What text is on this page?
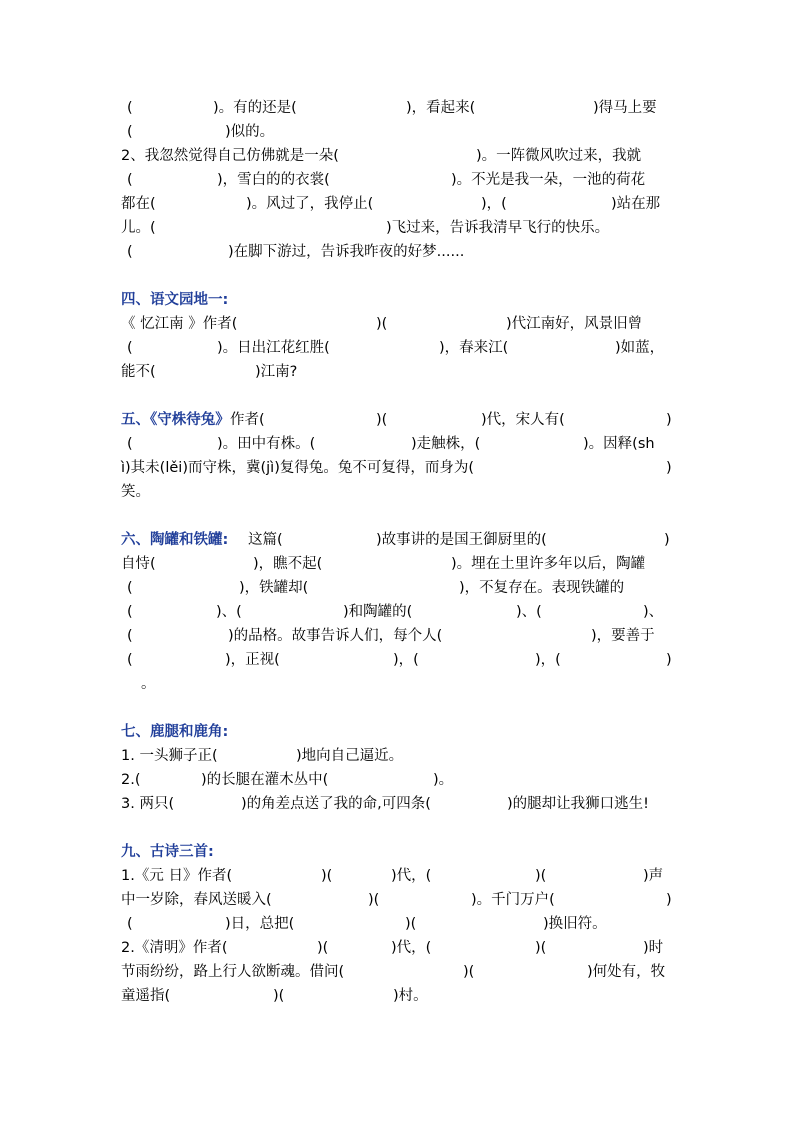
(

	)。有的还是(

	)，看起来(

	)得马上要

(

	)似的。

2、我忽然觉得自己仿佛就是一朵(

	)。一阵微风吹过来，我就

(

	)，雪白的的衣裳(

	)。不光是我一朵，一池的荷花

都在(

	)。风过了，我停止(

	)，(

	)站在那

儿。(

	)飞过来，告诉我清早飞行的快乐。

(

	)在脚下游过，告诉我昨夜的好梦......

四、语文园地一:

《 忆江南 》作者(

	)(

	)代江南好，风景旧曾

(

	)。日出江花红胜(

	)，春来江(

	)如蓝，

能不(

	)江南?

五、《守株待兔》

作者(

	)(

	)代，宋人有(

	)

(

	)。田中有株。(

	)走触株，(

	)。因释(sh

ì)其未(lěi)而守株，冀(jì)复得兔。兔不可复得，而身为(

	)

笑。

六、陶罐和铁罐:

这篇(

	)故事讲的是国王御厨里的(

	)

自恃(

	)，瞧不起(

	)。埋在土里许多年以后，陶罐

(

	)，铁罐却(

	)，不复存在。表现铁罐的

(

	)、(

	)和陶罐的(

	)、(

	)、

(

	)的品格。故事告诉人们，每个人(

	)，要善于

(

	)，正视(

	)，(

	)，(

	)

。

七、鹿腿和鹿角:

1. 一头狮子正(

	)地向自己逼近。

2.(

	)的长腿在灌木丛中(

	)。

3. 两只(

	)的角差点送了我的命,可四条(

	)的腿却让我狮口逃生!

九、古诗三首:

1.《元 日》作者(

	)(

	)代，(

	)(

	)声

中一岁除，春风送暖入(

	)(

	)。千门万户(

	)

(

	)日，总把(

	)(

	)换旧符。

2.《清明》作者(

	)(

	)代，(

	)(

	)时

节雨纷纷，路上行人欲断魂。借问(

	)(

	)何处有，牧

童遥指(

	)(

	)村。
